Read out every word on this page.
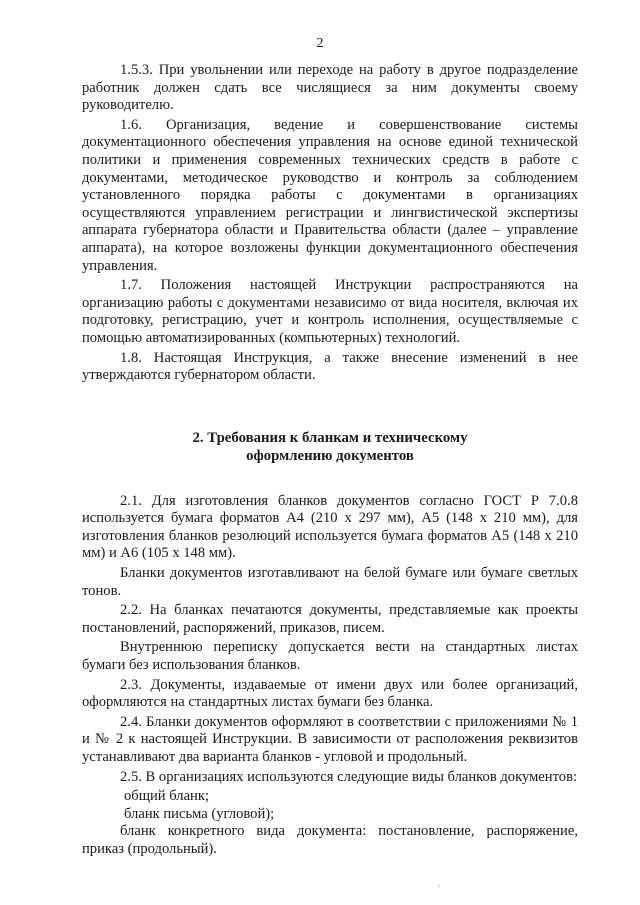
2

1.5.3. При увольнении или переходе на работу в другое подразделение работник должен сдать все числящиеся за ним документы своему руководителю.

1.6. Организация, ведение и совершенствование системы документационного обеспечения управления на основе единой технической политики и применения современных технических средств в работе с документами, методическое руководство и контроль за соблюдением установленного порядка работы с документами в организациях осуществляются управлением регистрации и лингвистической экспертизы аппарата губернатора области и Правительства области (далее – управление аппарата), на которое возложены функции документационного обеспечения управления.

1.7. Положения настоящей Инструкции распространяются на организацию работы с документами независимо от вида носителя, включая их подготовку, регистрацию, учет и контроль исполнения, осуществляемые с помощью автоматизированных (компьютерных) технологий.

1.8. Настоящая Инструкция, а также внесение изменений в нее утверждаются губернатором области.

2. Требования к бланкам и техническому
оформлению документов

2.1. Для изготовления бланков документов согласно ГОСТ Р 7.0.8 используется бумага форматов А4 (210 х 297 мм), А5 (148 х 210 мм), для изготовления бланков резолюций используется бумага форматов А5 (148 х 210 мм) и А6 (105 х 148 мм).

Бланки документов изготавливают на белой бумаге или бумаге светлых тонов.

2.2. На бланках печатаются документы, представляемые как проекты постановлений, распоряжений, приказов, писем.

Внутреннюю переписку допускается вести на стандартных листах бумаги без использования бланков.

2.3. Документы, издаваемые от имени двух или более организаций, оформляются на стандартных листах бумаги без бланка.

2.4. Бланки документов оформляют в соответствии с приложениями № 1 и № 2 к настоящей Инструкции. В зависимости от расположения реквизитов устанавливают два варианта бланков - угловой и продольный.

2.5. В организациях используются следующие виды бланков документов:

общий бланк;

бланк письма (угловой);

бланк конкретного вида документа: постановление, распоряжение, приказ (продольный).

·
